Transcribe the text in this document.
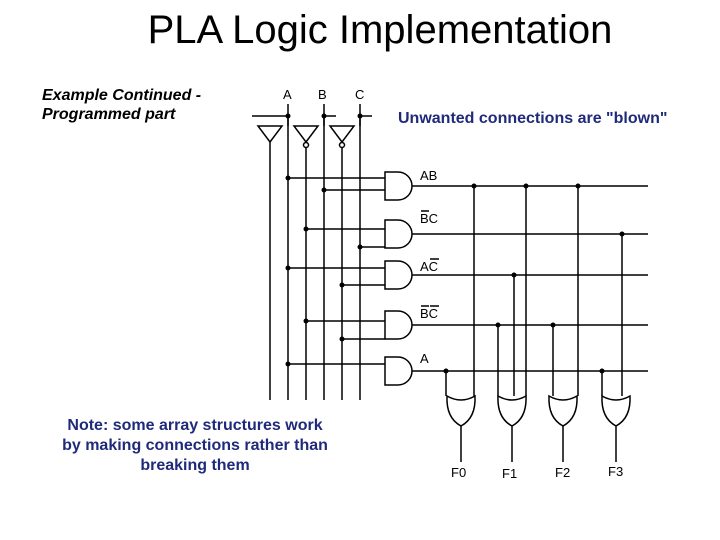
PLA Logic Implementation
Example Continued - Programmed part	Unwanted connections are "blown"
Note: some array structures work by making connections rather than breaking them
A B C
AB
BC
AC
BC
A
F0	F1	F2	F3
